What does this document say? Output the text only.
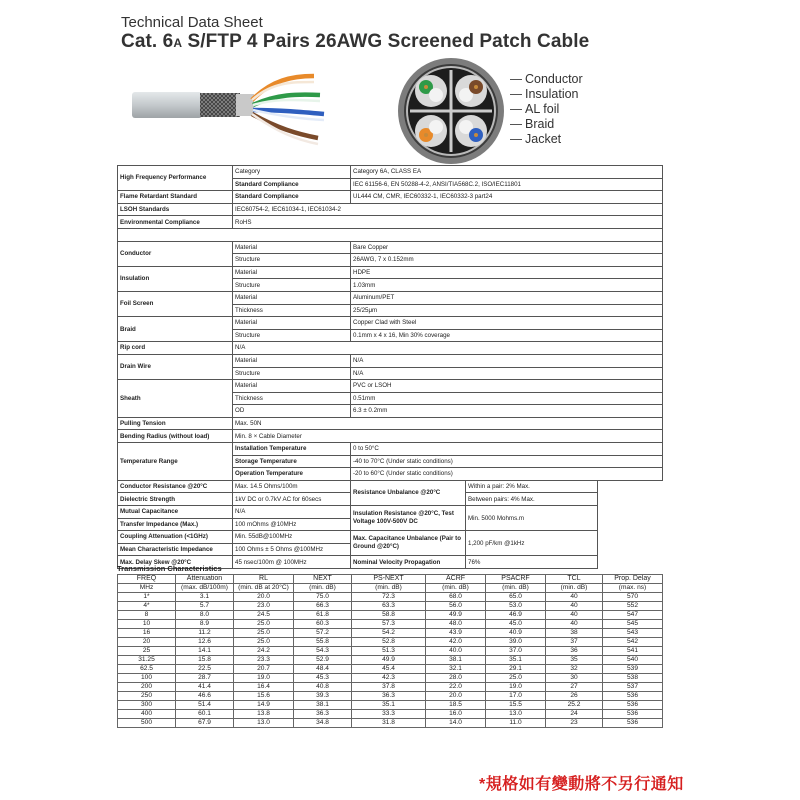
Technical Data Sheet
Cat. 6A S/FTP 4 Pairs 26AWG Screened Patch Cable
Conductor
Insulation
AL foil
Braid
Jacket
High Frequency Performance	Category	Category 6A, CLASS EA	
	Standard Compliance	IEC 61156-6, EN 50288-4-2, ANSI/TIA568C.2, ISO/IEC11801	
Flame Retardant Standard	Standard Compliance	UL444 CM, CMR, IEC60332-1, IEC60332-3 part24	
LSOH Standards	IEC60754-2, IEC61034-1, IEC61034-2		
Environmental Compliance	RoHS		

Conductor	Material	Bare Copper	
	Structure	26AWG, 7 x 0.152mm	
Insulation	Material	HDPE	
	Structure	1.03mm	
Foil Screen	Material	Aluminum/PET	
	Thickness	25/25μm	
Braid	Material	Copper Clad with Steel	
	Structure	0.1mm x 4 x 16, Min 30% coverage	
Rip cord	N/A		
Drain Wire	Material	N/A	
	Structure	N/A	
Sheath	Material	PVC or LSOH	
	Thickness	0.51mm	
	OD	6.3 ± 0.2mm	
Pulling Tension	Max. 50N		
Bending Radius (without load)	Min. 8 × Cable Diameter		
Temperature Range	Installation Temperature	0 to 50°C	
	Storage Temperature	-40 to 70°C (Under static conditions)	
	Operation Temperature	-20 to 60°C (Under static conditions)	
Conductor Resistance @20°C	Max. 14.5 Ohms/100m	Resistance Unbalance @20°C	Within a pair: 2% Max.
Dielectric Strength	1kV DC or 0.7kV AC for 60secs		Between pairs: 4% Max.
Mutual Capacitance	N/A	Insulation Resistance @20°C, Test Voltage 100V-500V DC	Min. 5000 Mohms.m
Transfer Impedance (Max.)	100 mOhms @10MHz		
Coupling Attenuation (<1GHz)	Min. 55dB@100MHz	Max. Capacitance Unbalance (Pair to Ground @20°C)	1,200 pF/km @1kHz
Mean Characteristic Impedance	100 Ohms ± 5 Ohms @100MHz		
Max. Delay Skew @20°C	45 nsec/100m @ 100MHz	Nominal Velocity Propagation	76%
Transmission Characteristics
FREQ	Attenuation	RL	NEXT	PS-NEXT	ACRF	PSACRF	TCL	Prop. Delay
MHz	(max. dB/100m)	(min. dB at 20°C)	(min. dB)	(min. dB)	(min. dB)	(min. dB)	(min. dB)	(max. ns)
1*	3.1	20.0	75.0	72.3	68.0	65.0	40	570
4*	5.7	23.0	66.3	63.3	56.0	53.0	40	552
8	8.0	24.5	61.8	58.8	49.9	46.9	40	547
10	8.9	25.0	60.3	57.3	48.0	45.0	40	545
16	11.2	25.0	57.2	54.2	43.9	40.9	38	543
20	12.6	25.0	55.8	52.8	42.0	39.0	37	542
25	14.1	24.2	54.3	51.3	40.0	37.0	36	541
31.25	15.8	23.3	52.9	49.9	38.1	35.1	35	540
62.5	22.5	20.7	48.4	45.4	32.1	29.1	32	539
100	28.7	19.0	45.3	42.3	28.0	25.0	30	538
200	41.4	16.4	40.8	37.8	22.0	19.0	27	537
250	46.6	15.6	39.3	36.3	20.0	17.0	26	536
300	51.4	14.9	38.1	35.1	18.5	15.5	25.2	536
400	60.1	13.8	36.3	33.3	16.0	13.0	24	536
500	67.9	13.0	34.8	31.8	14.0	11.0	23	536
*規格如有變動將不另行通知
